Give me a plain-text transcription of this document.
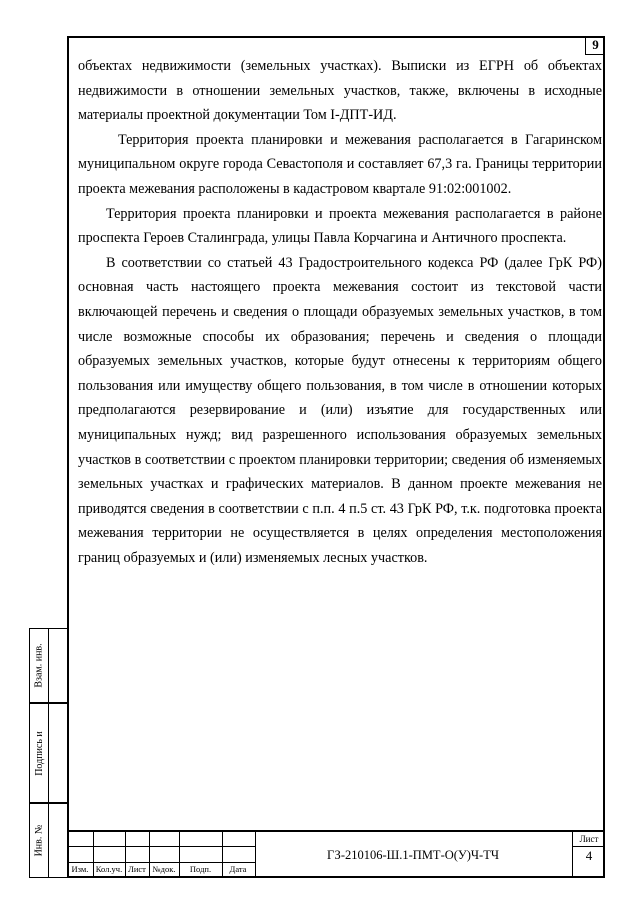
9

объектах недвижимости (земельных участках). Выписки из ЕГРН об объектах недвижимости в отношении земельных участков, также, включены в исходные материалы проектной документации Том I-ДПТ-ИД.

Территория проекта планировки и межевания располагается в Гагаринском муниципальном округе города Севастополя и составляет 67,3 га. Границы территории проекта межевания расположены в кадастровом квартале 91:02:001002.

Территория проекта планировки и проекта межевания располагается в районе проспекта Героев Сталинграда, улицы Павла Корчагина и Античного проспекта.

В соответствии со статьей 43 Градостроительного кодекса РФ (далее ГрК РФ) основная часть настоящего проекта межевания состоит из текстовой части включающей перечень и сведения о площади образуемых земельных участков, в том числе возможные способы их образования; перечень и сведения о площади образуемых земельных участков, которые будут отнесены к территориям общего пользования или имуществу общего пользования, в том числе в отношении которых предполагаются резервирование и (или) изъятие для государственных или муниципальных нужд; вид разрешенного использования образуемых земельных участков в соответствии с проектом планировки территории; сведения об изменяемых земельных участках и графических материалов. В данном проекте межевания не приводятся сведения в соответствии с п.п. 4 п.5 ст. 43 ГрК РФ, т.к. подготовка проекта межевания территории не осуществляется в целях определения местоположения границ образуемых и (или) изменяемых лесных участков.

Взам. инв.
Подпись и
Инв. №
Изм. Кол.уч. Лист №док.	Подп.	Дата
ГЗ-210106-Ш.1-ПМТ-О(У)Ч-ТЧ
Лист
4
